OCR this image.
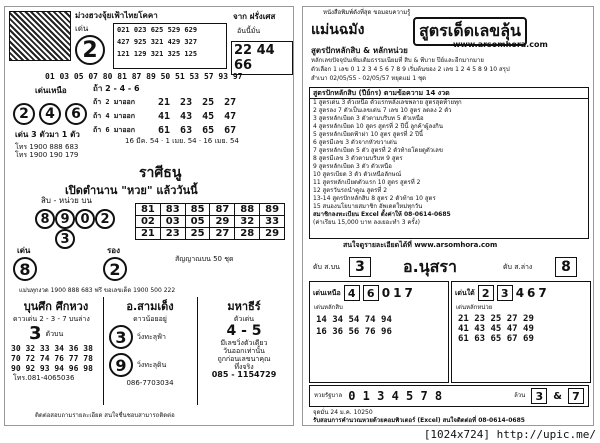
ม่วงฮวงจุ้ยเฟ้าไทยโคคา
เด่น
2
021 023 625 529 629
427 925 321 429 327
121 129 321 325 125
จาก ฝรั่งเศส
อันนี้มั่น
22 44 66
01 03 05 07 80 81 87 89 50 51 53 57 93 97
ถ้า 2 - 4 - 6
ถ้า 2 มาออก	21 23 25 27
ถ้า 4 มาออก	41 43 45 47
ถ้า 6 มาออก	61 63 65 67
16 มีค. 54 · 1 เมย. 54 · 16 เมย. 54
เด่นเหนือ
2	4	6
เด่น 3 ตัวมา 1 ตัว
โทร 1900 888 683
โทร 1900 190 179
ราศีธนู
เปิดตำนาน "หวย" แล้ววันนี้
สิบ - หน่วย บน
8 9 0 2
3
81	83	85	87	88	89
02	03	05	29	32	33
21	23	25	27	28	29
สัญญาณบน 50 ชุด
เด่น
8
รอง
2
แม่นทุกงวด 1900 888 683 ฟรี ขอเลขเด็ด 1900 500 222
บุนศึก ศึกหวง
ดาวเด่น 2 - 3 - 7 บนล่าง
3 ตัวบน
30 32 33 34 36 38
70 72 74 76 77 78
90 92 93 94 96 98
โทร.081-4065036
อ.สามเด็ง
ดาวน้อยอยู่
3	วิ่งทะลุฟ้า
9	วิ่งทะลุดิน
086-7703034
มหาธีร์
ตัวเด่น
4 - 5
มีเลขวิ่งตัวเดียว
วันออกเท่านั้น
ถูกก่อนเลขนาคุณ
ทึ่งจริง
085 - 1154729
ติดต่อสอบถามรายละเอียด สนใจชื่นชอบสามารถติดต่อ
หนังสือพิมพ์ดังที่สุด ขอมอบความรู้
แม่นฉมัง	สูตรเด็ดเลขลุ้น
www.arsomhora.com
สูตรปักหลักสิบ & หลักหน่วย
หลักเลขปัจจุบันเพิ่มเติมธรรมเนียมที่ สิบ & พีบาย ปีย์และอีกมากมาย
ตัวเลือก 1 เลข 0 1 2 3 4 5 6 7 8 9 เริ่มต้นของ 2 เลข 1 2 4 5 8 9 10 สรุป
สำเนา 02/05/55 - 02/05/57 หยุดแม่ 1 ชุด
สูตรปักหลักสิบ (ปีย์กร) ตามข้อความ 14 งวด
1 สูตรเด่น 3 ตัวเหนือ ตัวแรกหลังเลขพลาย สูตรสุดท้ายทุก
2 สูตรลง 7 ตัวเป็นเลขเด่น 7 เลข 10 สูตร ลดลง 2 ตัว
3 สูตรหลักเบียด 3 ตัวตามบริบท 5 ตัวเหนือ
4 สูตรหลักเบียด 10 สูตร สูตรที่ 2 ปีนี้ ลูกค้าผู้ลงกิน
5 สูตรหลักเบียดฟ้าผ่า 10 สูตร สูตรที่ 2 ปีนี้
6 สูตรมีเลข 3 ตัวจากหัวขวาเด่น
7 สูตรหลักเบียด 5 ตัว สูตรที่ 2 ตัวท้ายโดยดูตัวเลข
8 สูตรมีเลข 3 ตัวตามบริบท 9 สูตร
9 สูตรหลักเบียด 3 ตัว ตัวเหนือ
10 สูตรเบียด 3 ตัว ตัวเหนือลักษณ์
11 สูตรหลักเบียดตัวแรก 10 สูตร สูตรที่ 2
12 สูตรวันรถนำคูณ สูตรที่ 2
13-14 สูตรปักหลักสิบ 8 สูตร 2 ตัวท้าย 10 สูตร
15 สนองนโยบายสมาชิก อัพเดตใหม่ทุกวัน
สมาชิกลงทะเบียน Excel ตั้งค่าให้ 08-0614-0685
(ค่าเรียน 15,000 บาท ลงเยอะทำ 3 ครั้ง)
สนใจดูรายละเอียดได้ที่ www.arsomhora.com
ดับ ส.บน 3 อ.นุสรา	ดับ ส.ล่าง 8
เด่นเหนือ 4	6 0 1 7
เด่นหลักสิบ
14 34 54 74 94
16 36 56 76 96
เด่นใต้ 2	3 4 6 7
เด่นหลักหน่วย
21 23 25 27 29
41 43 45 47 49
61 63 65 67 69
หวยรัฐบาล 0 1 3 4 5 7 8	ล้วน 3	& 7
จุดมั่น 24 ม.ค. 10250
รับสอนการคำนวณหวยด้วยคอมพิวเตอร์ (Excel) สนใจติดต่อที่ 08-0614-0685
[1024x724] http://upic.me/
